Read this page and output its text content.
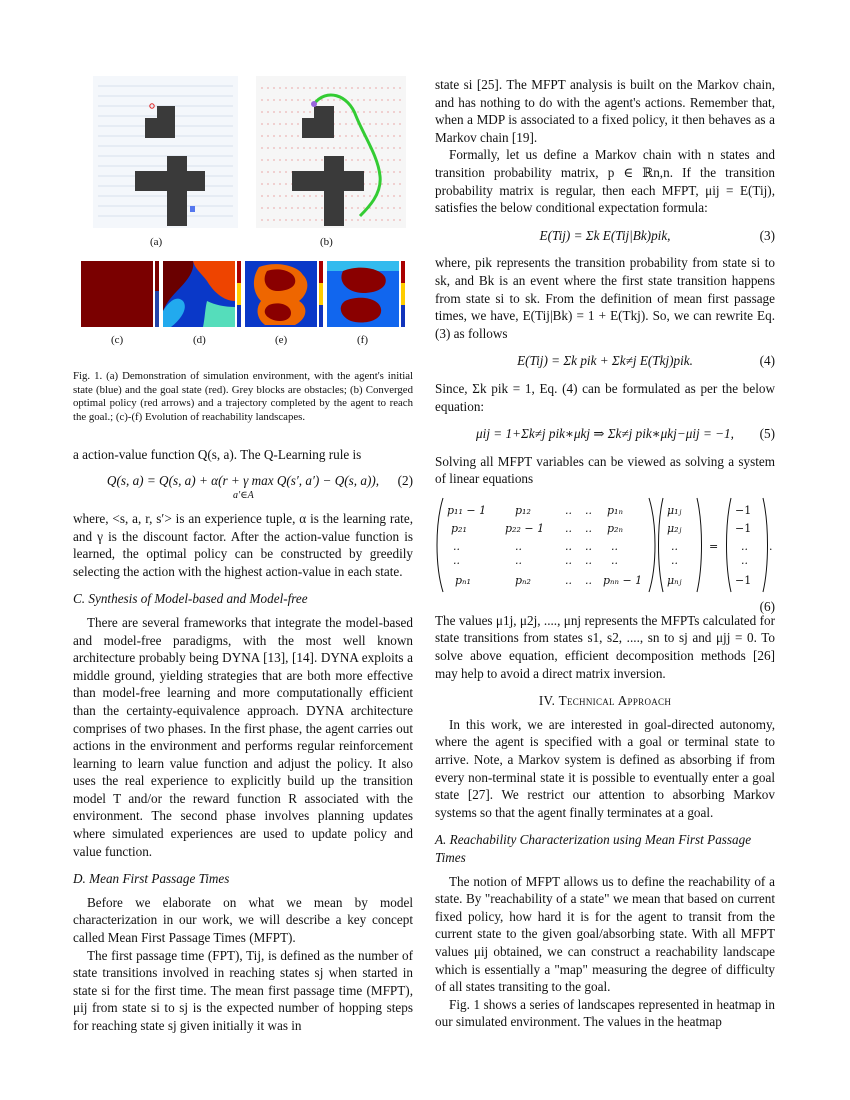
(a)	(b)
(c)	(d)	(e)	(f)

Fig. 1. (a) Demonstration of simulation environment, with the agent's initial state (blue) and the goal state (red). Grey blocks are obstacles; (b) Converged optimal policy (red arrows) and a trajectory completed by the agent to reach the goal.; (c)-(f) Evolution of reachability landscapes.

a action-value function Q(s, a). The Q-Learning rule is

Q(s, a) = Q(s, a) + α(r + γ max Q(s′, a′) − Q(s, a)), (2)
a′∈A

where, <s, a, r, s′> is an experience tuple, α is the learning rate, and γ is the discount factor. After the action-value function is learned, the optimal policy can be constructed by greedily selecting the action with the highest action-value in each state.

C. Synthesis of Model-based and Model-free

There are several frameworks that integrate the model-based and model-free paradigms, with the most well known architecture probably being DYNA [13], [14]. DYNA exploits a middle ground, yielding strategies that are both more effective than model-free learning and more computationally efficient than the certainty-equivalence approach. DYNA architecture comprises of two phases. In the first phase, the agent carries out actions in the environment and performs regular reinforcement learning to learn value function and adjust the policy. It also uses the real experience to explicitly build up the transition model T and/or the reward function R associated with the environment. The second phase involves planning updates where simulated experiences are used to update policy and value function.

D. Mean First Passage Times

Before we elaborate on what we mean by model characterization in our work, we will describe a key concept called Mean First Passage Times (MFPT).

The first passage time (FPT), Tij, is defined as the number of state transitions involved in reaching states sj when started in state si for the first time. The mean first passage time (MFPT), μij from state si to sj is the expected number of hopping steps for reaching state sj given initially it was in

state si [25]. The MFPT analysis is built on the Markov chain, and has nothing to do with the agent's actions. Remember that, when a MDP is associated to a fixed policy, it then behaves as a Markov chain [19].

Formally, let us define a Markov chain with n states and transition probability matrix, p ∈ ℝn,n. If the transition probability matrix is regular, then each MFPT, μij = E(Tij), satisfies the below conditional expectation formula:

E(Tij) = Σk E(Tij|Bk)pik,	(3)

where, pik represents the transition probability from state si to sk, and Bk is an event where the first state transition happens from state si to sk. From the definition of mean first passage times, we have, E(Tij|Bk) = 1 + E(Tkj). So, we can rewrite Eq. (3) as follows

E(Tij) = Σk pik + Σk≠j E(Tkj)pik.	(4)

Since, Σk pik = 1, Eq. (4) can be formulated as per the below equation:

μij = 1+Σk≠j pik∗μkj ⇒ Σk≠j pik∗μkj−μij = −1, (5)

Solving all MFPT variables can be viewed as solving a system of linear equations

p₁₁ − 1	p₁₂	.. .. p₁ₙ
p₂₁	p₂₂ − 1 .. .. p₂ₙ
..	..	.. .. ..
..	..	.. .. ..
pₙ₁	pₙ₂	.. .. pₙₙ − 1
μ₁ⱼ
μ₂ⱼ
..
..
μₙⱼ
=
−1
−1
..
..
−1
.
(6)

The values μ1j, μ2j, ...., μnj represents the MFPTs calculated for state transitions from states s1, s2, ...., sn to sj and μjj = 0. To solve above equation, efficient decomposition methods [26] may help to avoid a direct matrix inversion.

IV. Technical Approach

In this work, we are interested in goal-directed autonomy, where the agent is specified with a goal or terminal state to arrive. Note, a Markov system is defined as absorbing if from every non-terminal state it is possible to eventually enter a goal state [27]. We restrict our attention to absorbing Markov systems so that the agent finally terminates at a goal.

A. Reachability Characterization using Mean First Passage Times

The notion of MFPT allows us to define the reachability of a state. By "reachability of a state" we mean that based on current fixed policy, how hard it is for the agent to transit from the current state to the given goal/absorbing state. With all MFPT values μij obtained, we can construct a reachability landscape which is essentially a "map" measuring the degree of difficulty of all states transiting to the goal.

Fig. 1 shows a series of landscapes represented in heatmap in our simulated environment. The values in the heatmap
